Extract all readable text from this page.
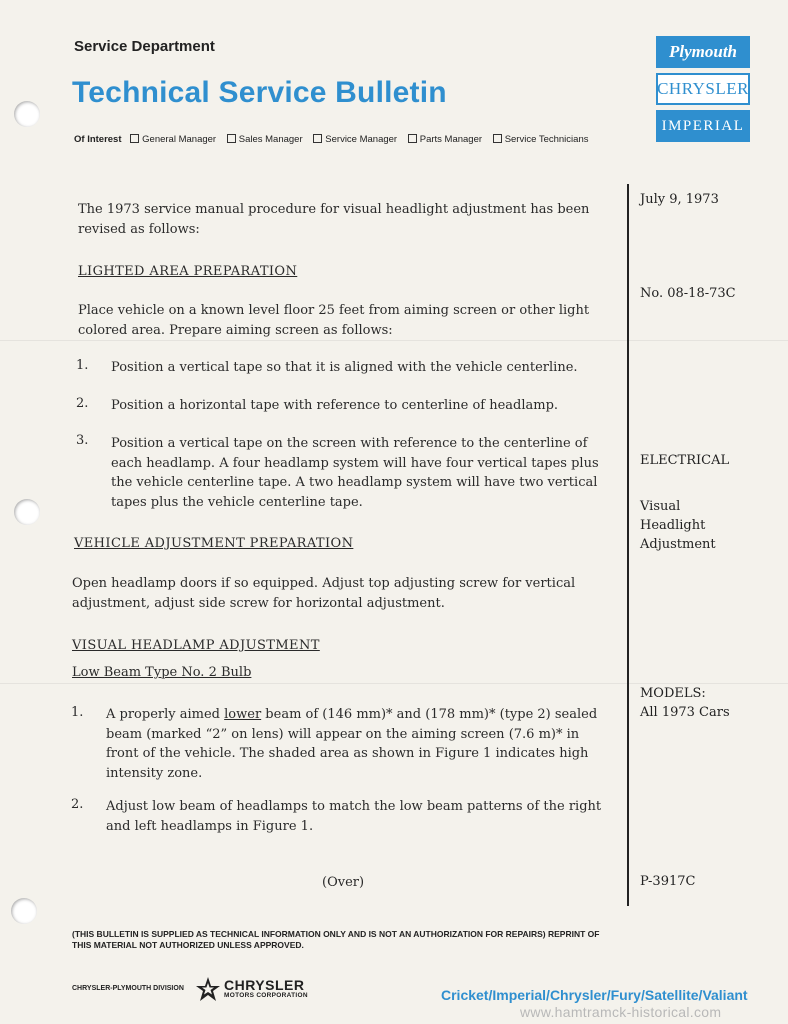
Service Department
Technical Service Bulletin
Of Interest General Manager Sales Manager Service Manager Parts Manager Service Technicians
Plymouth
CHRYSLER
IMPERIAL
July 9, 1973
No. 08-18-73C
ELECTRICAL
Visual
Headlight
Adjustment
MODELS:
All 1973 Cars
P-3917C
The 1973 service manual procedure for visual headlight adjustment has been revised as follows:
LIGHTED AREA PREPARATION
Place vehicle on a known level floor 25 feet from aiming screen or other light colored area. Prepare aiming screen as follows:
1. Position a vertical tape so that it is aligned with the vehicle centerline.
2. Position a horizontal tape with reference to centerline of headlamp.
3. Position a vertical tape on the screen with reference to the centerline of each headlamp. A four headlamp system will have four vertical tapes plus the vehicle centerline tape. A two headlamp system will have two vertical tapes plus the vehicle centerline tape.
VEHICLE ADJUSTMENT PREPARATION
Open headlamp doors if so equipped. Adjust top adjusting screw for vertical adjustment, adjust side screw for horizontal adjustment.
VISUAL HEADLAMP ADJUSTMENT
Low Beam Type No. 2 Bulb
1. A properly aimed lower beam of (146 mm)* and (178 mm)* (type 2) sealed beam (marked “2” on lens) will appear on the aiming screen (7.6 m)* in front of the vehicle. The shaded area as shown in Figure 1 indicates high intensity zone.
2. Adjust low beam of headlamps to match the low beam patterns of the right and left headlamps in Figure 1.
(Over)
(THIS BULLETIN IS SUPPLIED AS TECHNICAL INFORMATION ONLY AND IS NOT AN AUTHORIZATION FOR REPAIRS) REPRINT OF THIS MATERIAL NOT AUTHORIZED UNLESS APPROVED.
CHRYSLER-PLYMOUTH DIVISION	CHRYSLER
MOTORS CORPORATION	Cricket/Imperial/Chrysler/Fury/Satellite/Valiant
www.hamtramck-historical.com
